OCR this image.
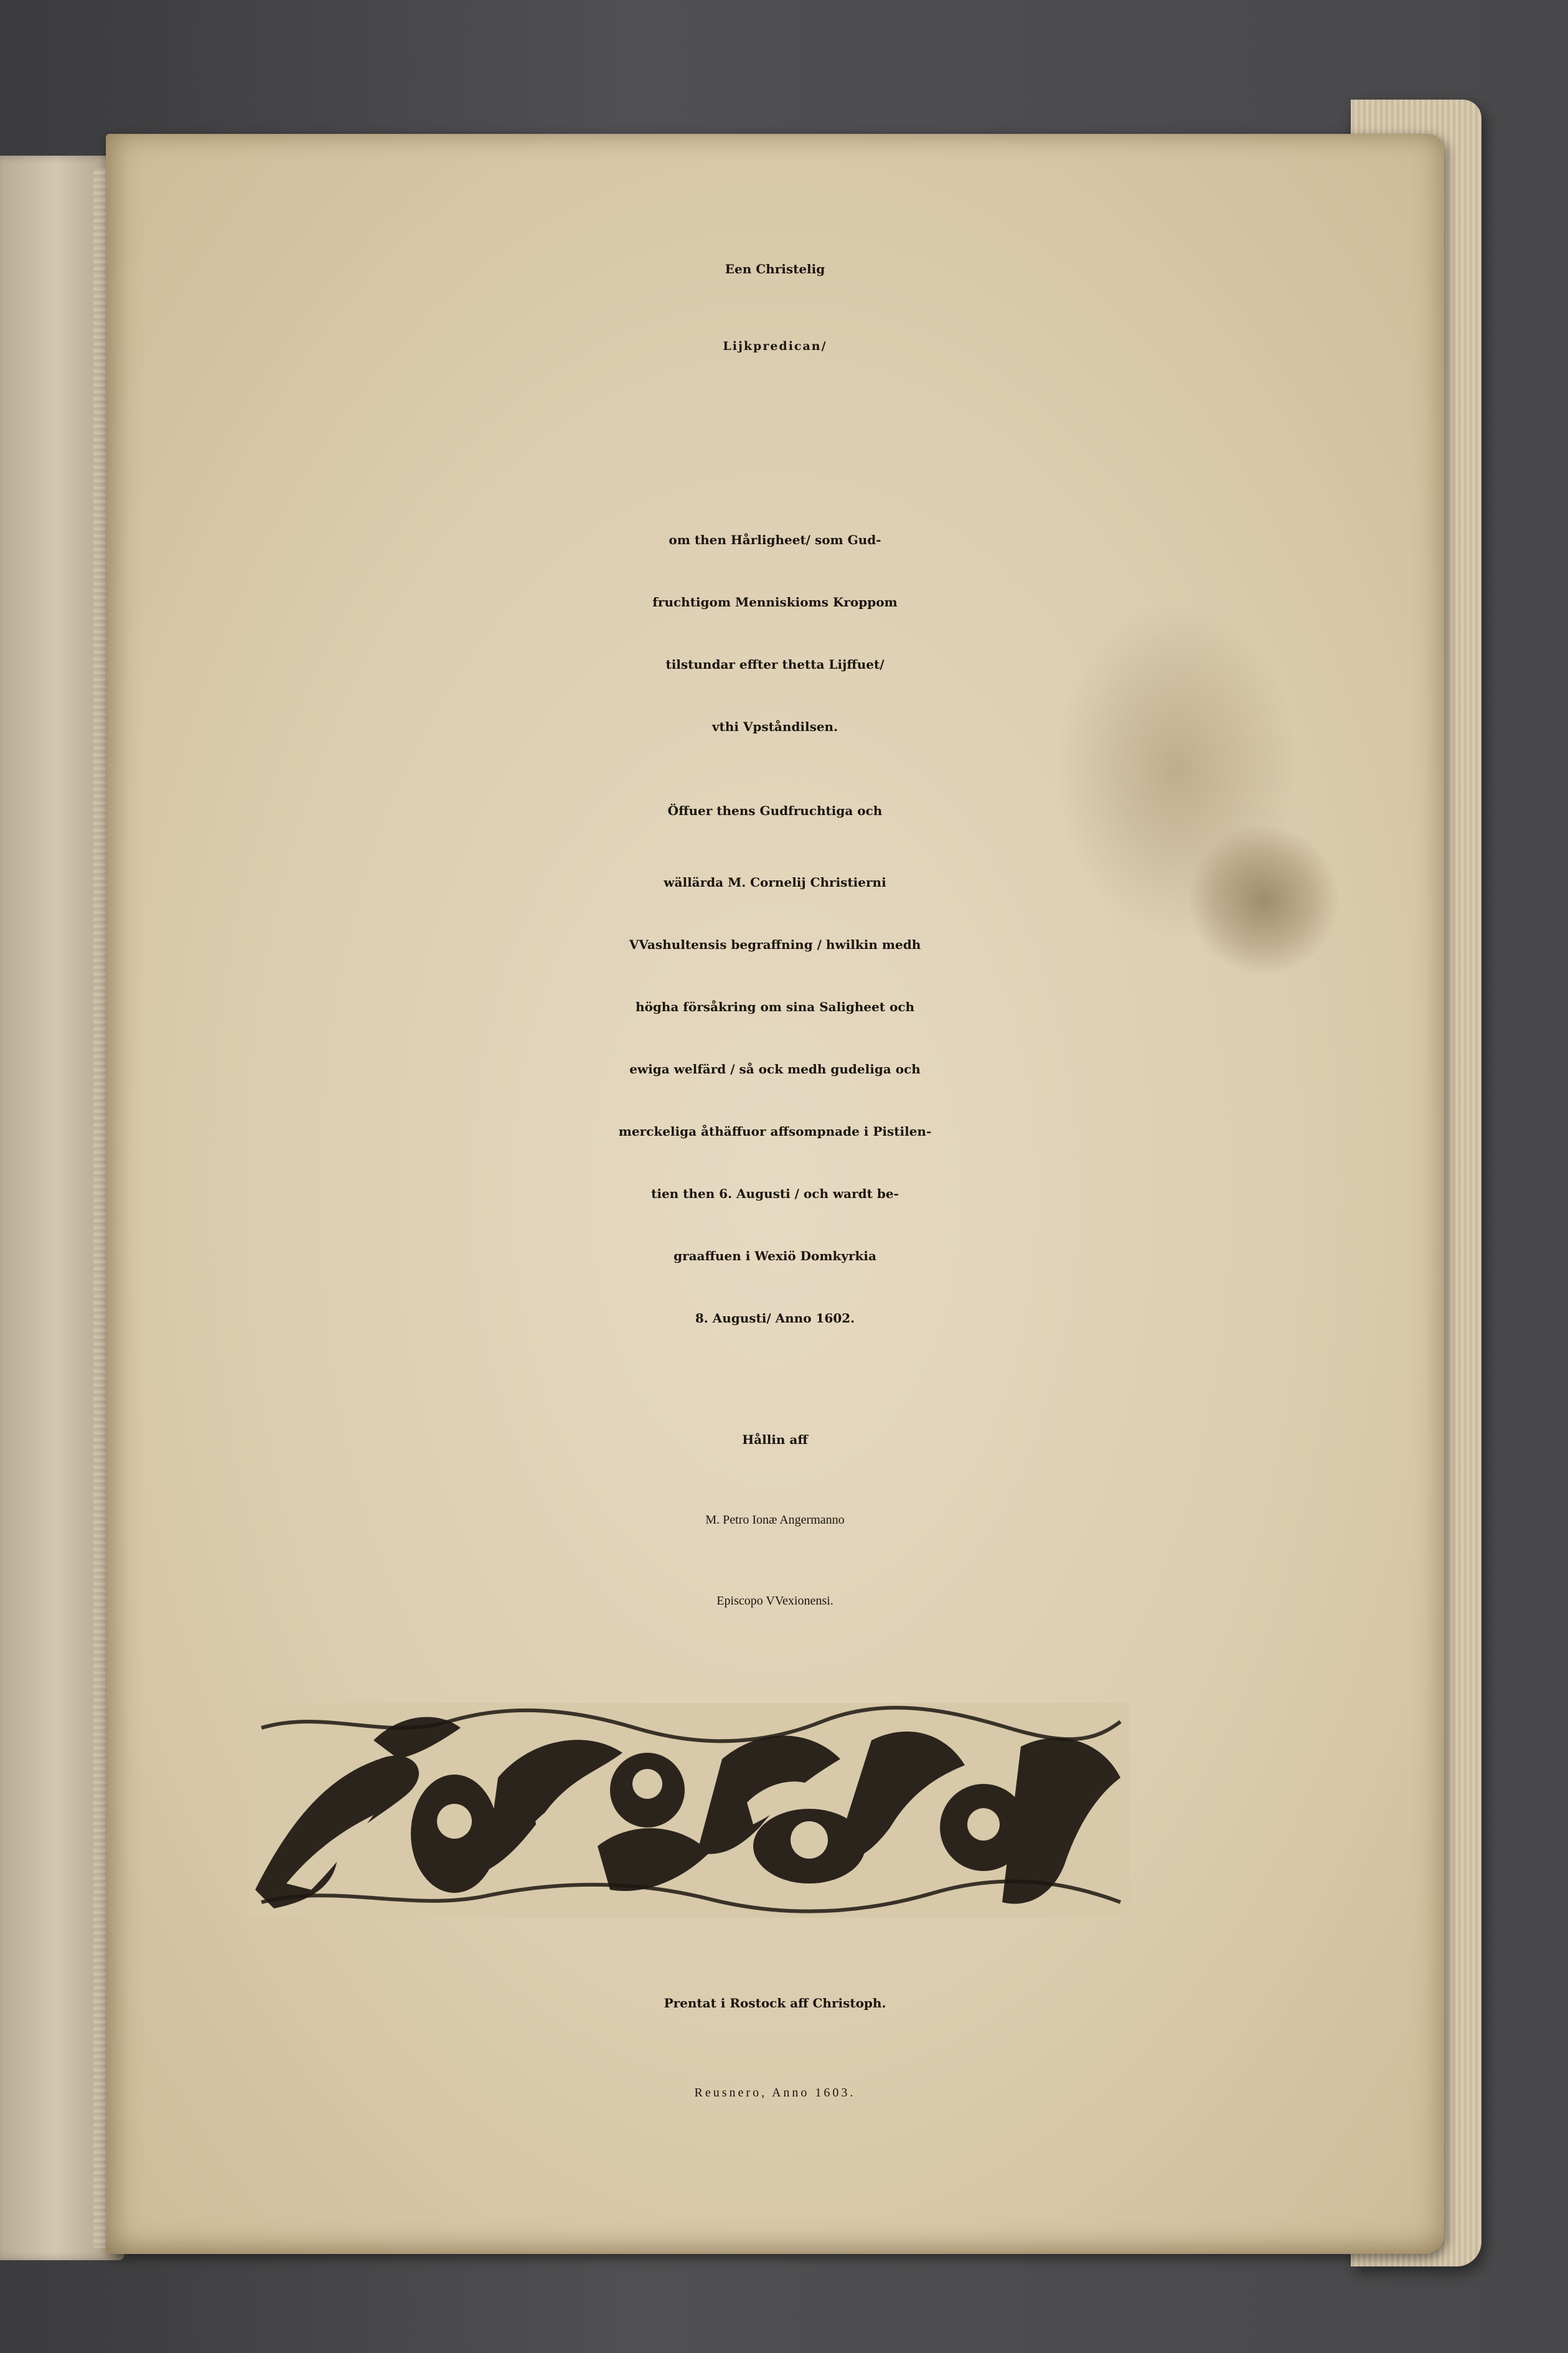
Een Christelig
Lijkpredican/
om then Hårligheet/ som Gud-
fruchtigom Menniskioms Kroppom
tilstundar effter thetta Lijffuet/
vthi Vpståndilsen.
Öffuer thens Gudfruchtiga och
wällärda M. Cornelij Christierni
VVashultensis begraffning / hwilkin medh
högha försåkring om sina Saligheet och
ewiga welfärd / så ock medh gudeliga och
merckeliga åthäffuor affsompnade i Pistilen-
tien then 6. Augusti / och wardt be-
graaffuen i Wexiö Domkyrkia
8. Augusti/ Anno 1602.
Hållin aff
M. Petro Ionæ Angermanno
Episcopo VVexionensi.
Prentat i Rostock aff Christoph.
Reusnero, Anno 1603.
